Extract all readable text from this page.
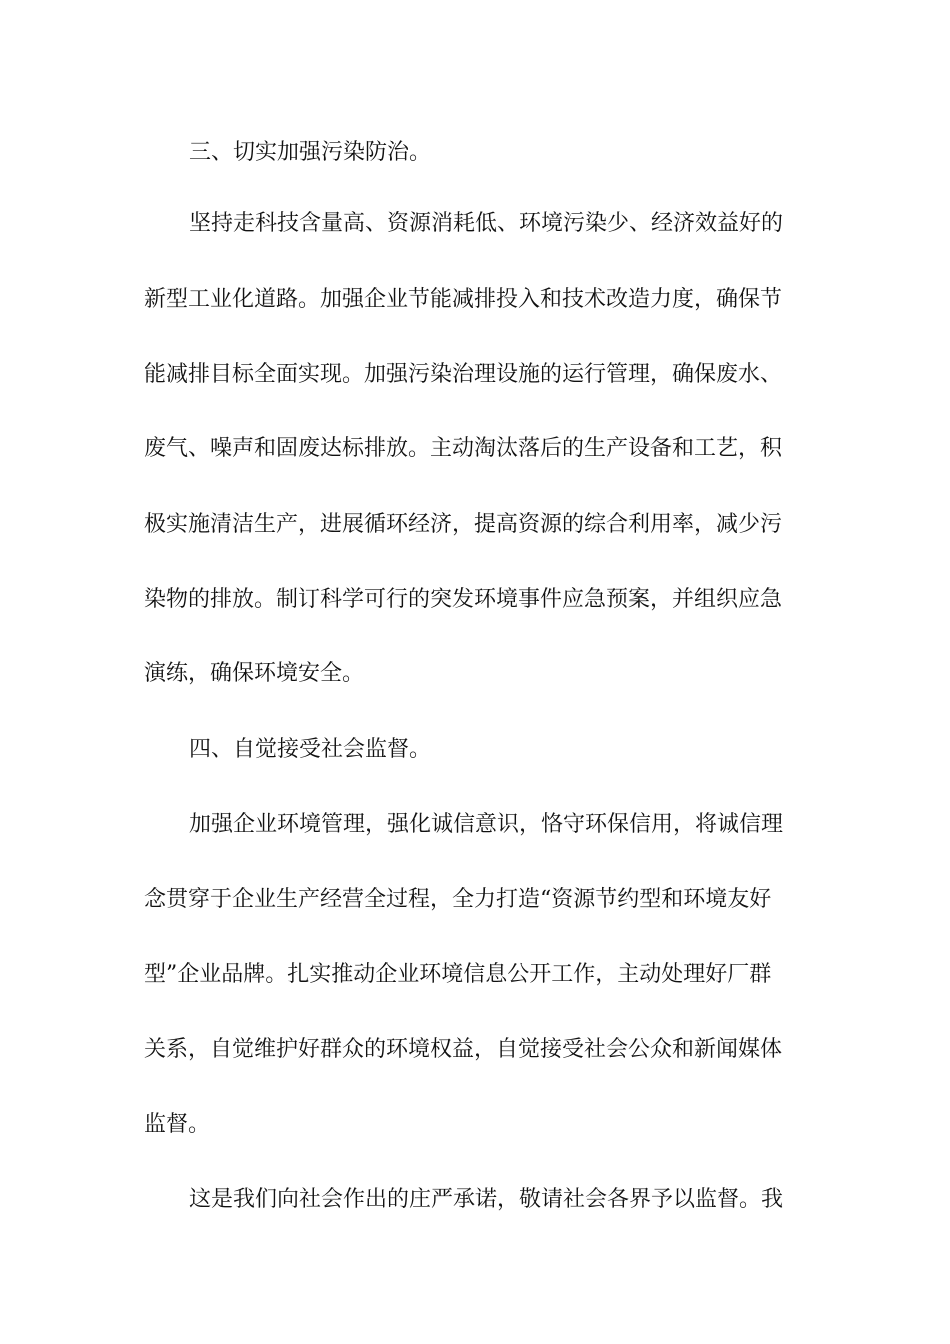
三、切实加强污染防治。
坚持走科技含量高、资源消耗低、环境污染少、经济效益好的
新型工业化道路。加强企业节能减排投入和技术改造力度，确保节
能减排目标全面实现。加强污染治理设施的运行管理，确保废水、
废气、噪声和固废达标排放。主动淘汰落后的生产设备和工艺，积
极实施清洁生产，进展循环经济，提高资源的综合利用率，减少污
染物的排放。制订科学可行的突发环境事件应急预案，并组织应急
演练，确保环境安全。
四、自觉接受社会监督。
加强企业环境管理，强化诚信意识，恪守环保信用，将诚信理
念贯穿于企业生产经营全过程，全力打造“资源节约型和环境友好
型”企业品牌。扎实推动企业环境信息公开工作，主动处理好厂群
关系，自觉维护好群众的环境权益，自觉接受社会公众和新闻媒体
监督。
这是我们向社会作出的庄严承诺，敬请社会各界予以监督。我
